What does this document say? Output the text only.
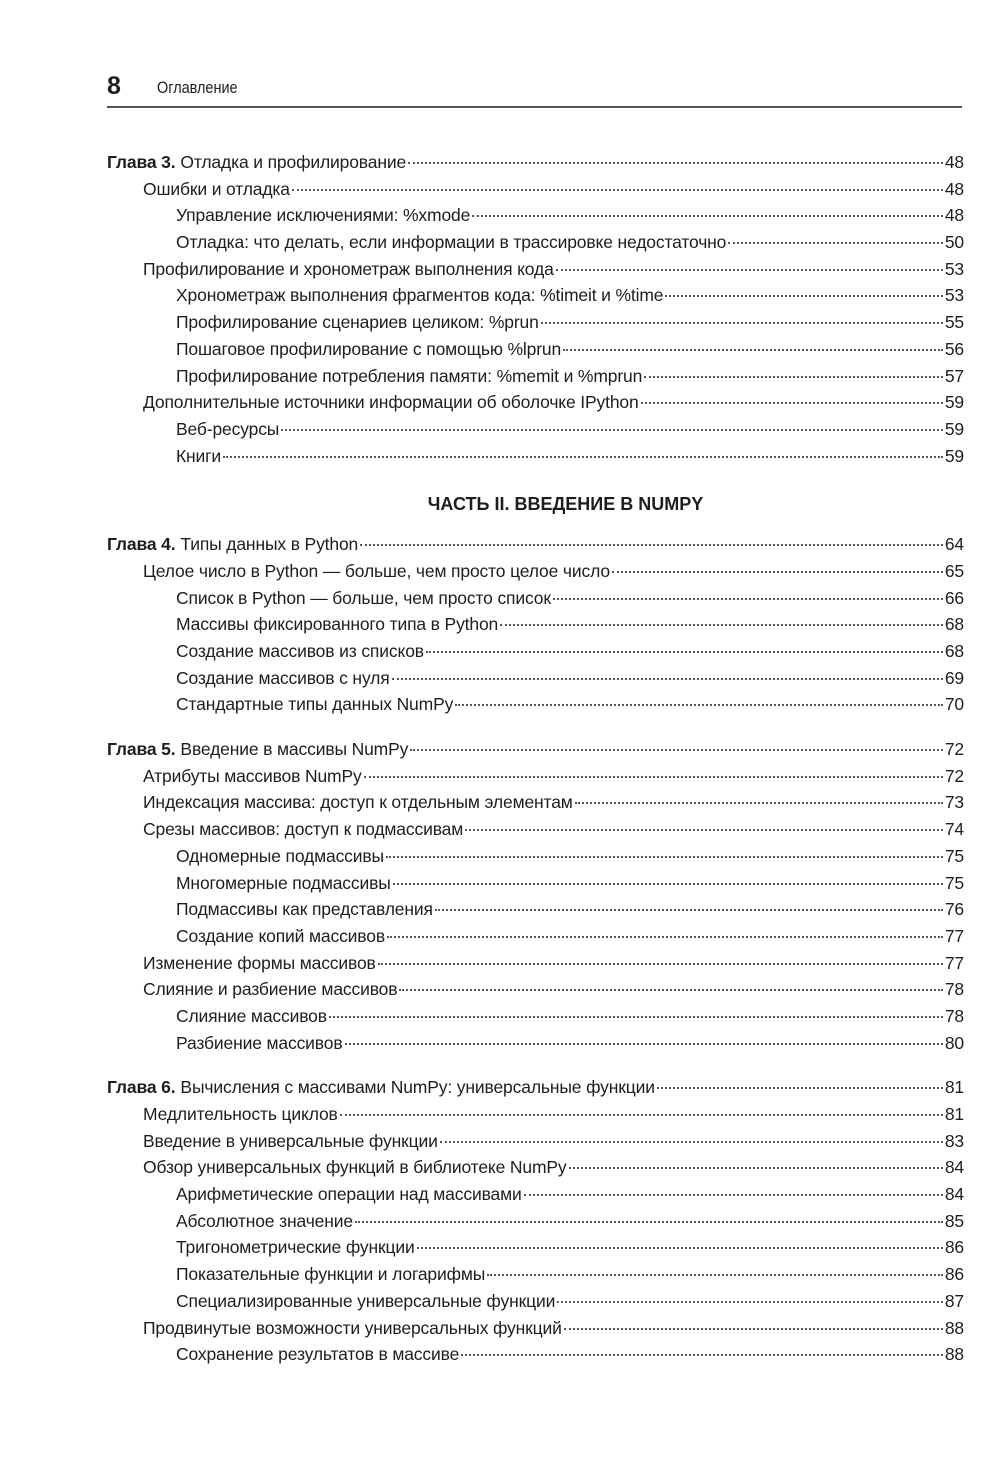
8 Оглавление
Глава 3. Отладка и профилирование	48
Ошибки и отладка	48
Управление исключениями: %xmode	48
Отладка: что делать, если информации в трассировке недостаточно	50
Профилирование и хронометраж выполнения кода	53
Хронометраж выполнения фрагментов кода: %timeit и %time	53
Профилирование сценариев целиком: %prun	55
Пошаговое профилирование с помощью %lprun	56
Профилирование потребления памяти: %memit и %mprun	57
Дополнительные источники информации об оболочке IPython	59
Веб-ресурсы	59
Книги	59
ЧАСТЬ II. ВВЕДЕНИЕ В NUMPY
Глава 4. Типы данных в Python	64
Целое число в Python — больше, чем просто целое число	65
Список в Python — больше, чем просто список	66
Массивы фиксированного типа в Python	68
Создание массивов из списков	68
Создание массивов с нуля	69
Стандартные типы данных NumPy	70
Глава 5. Введение в массивы NumPy	72
Атрибуты массивов NumPy	72
Индексация массива: доступ к отдельным элементам	73
Срезы массивов: доступ к подмассивам	74
Одномерные подмассивы	75
Многомерные подмассивы	75
Подмассивы как представления	76
Создание копий массивов	77
Изменение формы массивов	77
Слияние и разбиение массивов	78
Слияние массивов	78
Разбиение массивов	80
Глава 6. Вычисления с массивами NumPy: универсальные функции	81
Медлительность циклов	81
Введение в универсальные функции	83
Обзор универсальных функций в библиотеке NumPy	84
Арифметические операции над массивами	84
Абсолютное значение	85
Тригонометрические функции	86
Показательные функции и логарифмы	86
Специализированные универсальные функции	87
Продвинутые возможности универсальных функций	88
Сохранение результатов в массиве	88
